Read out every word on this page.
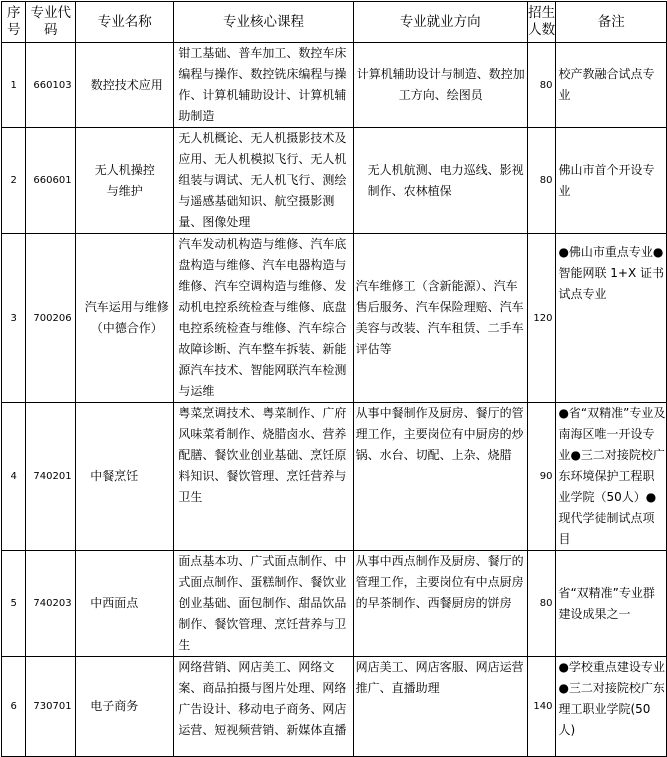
序号	专业代码	专业名称	专业核心课程	专业就业方向	招生人数	备注
1	660103	数控技术应用	钳工基础、普车加工、数控车床编程与操作、数控铣床编程与操作、计算机辅助设计、计算机辅助制造	计算机辅助设计与制造、数控加工方向、绘图员	80	校产教融合试点专业
2	660601	无人机操控与维护	无人机概论、无人机摄影技术及应用、无人机模拟飞行、无人机组装与调试、无人机飞行、测绘与遥感基础知识、航空摄影测量、图像处理	无人机航测、电力巡线、影视制作、农林植保	80	佛山市首个开设专业
3	700206	汽车运用与维修（中德合作）	汽车发动机构造与维修、汽车底盘构造与维修、汽车电器构造与维修、汽车空调构造与维修、发动机电控系统检查与维修、底盘电控系统检查与维修、汽车综合故障诊断、汽车整车拆装、新能源汽车技术、智能网联汽车检测与运维	汽车维修工（含新能源）、汽车售后服务、汽车保险理赔、汽车美容与改装、汽车租赁、二手车评估等	120	●佛山市重点专业●智能网联 1+X 证书试点专业
4	740201	中餐烹饪	粤菜烹调技术、粤菜制作、广府风味菜肴制作、烧腊卤水、营养配膳、餐饮业创业基础、烹饪原料知识、餐饮管理、烹饪营养与卫生	从事中餐制作及厨房、餐厅的管理工作，主要岗位有中厨房的炒锅、水台、切配、上杂、烧腊	90	●省“双精准”专业及南海区唯一开设专业●三二对接院校广东环境保护工程职业学院（50人）●现代学徒制试点项目
5	740203	中西面点	面点基本功、广式面点制作、中式面点制作、蛋糕制作、餐饮业创业基础、面包制作、甜品饮品制作、餐饮管理、烹饪营养与卫生	从事中西点制作及厨房、餐厅的管理工作，主要岗位有中点厨房的早茶制作、西餐厨房的饼房	80	省“双精准”专业群建设成果之一
6	730701	电子商务	网络营销、网店美工、网络文案、商品拍摄与图片处理、网络广告设计、移动电子商务、网店运营、短视频营销、新媒体直播	网店美工、网店客服、网店运营推广、直播助理	140	●学校重点建设专业●三二对接院校广东理工职业学院(50人)
